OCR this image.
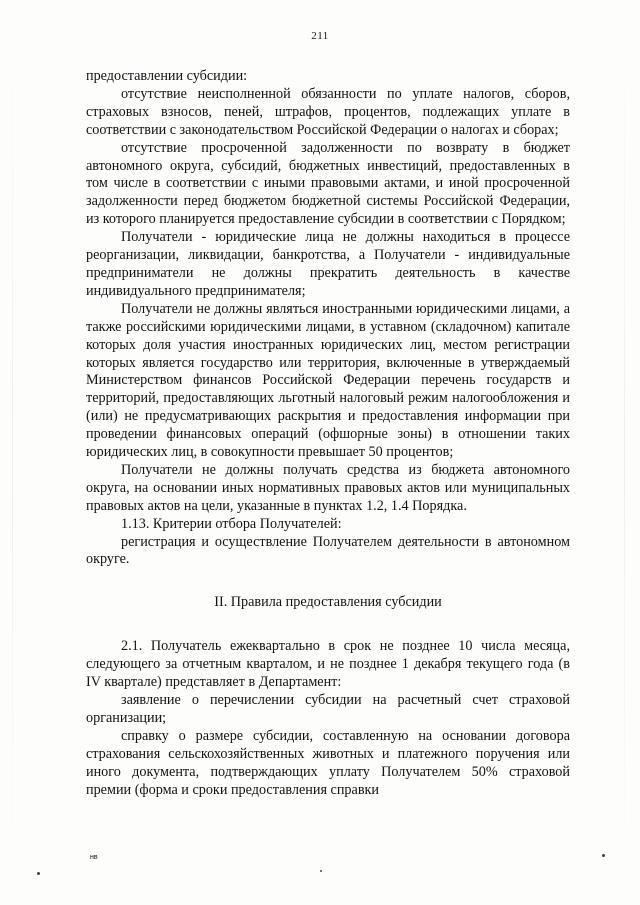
211

предоставлении субсидии:

отсутствие неисполненной обязанности по уплате налогов, сборов, страховых взносов, пеней, штрафов, процентов, подлежащих уплате в соответствии с законодательством Российской Федерации о налогах и сборах;

отсутствие просроченной задолженности по возврату в бюджет автономного округа, субсидий, бюджетных инвестиций, предоставленных в том числе в соответствии с иными правовыми актами, и иной просроченной задолженности перед бюджетом бюджетной системы Российской Федерации, из которого планируется предоставление субсидии в соответствии с Порядком;

Получатели - юридические лица не должны находиться в процессе реорганизации, ликвидации, банкротства, а Получатели - индивидуальные предприниматели не должны прекратить деятельность в качестве индивидуального предпринимателя;

Получатели не должны являться иностранными юридическими лицами, а также российскими юридическими лицами, в уставном (складочном) капитале которых доля участия иностранных юридических лиц, местом регистрации которых является государство или территория, включенные в утверждаемый Министерством финансов Российской Федерации перечень государств и территорий, предоставляющих льготный налоговый режим налогообложения и (или) не предусматривающих раскрытия и предоставления информации при проведении финансовых операций (офшорные зоны) в отношении таких юридических лиц, в совокупности превышает 50 процентов;

Получатели не должны получать средства из бюджета автономного округа, на основании иных нормативных правовых актов или муниципальных правовых актов на цели, указанные в пунктах 1.2, 1.4 Порядка.

1.13. Критерии отбора Получателей:

регистрация и осуществление Получателем деятельности в автономном округе.

II. Правила предоставления субсидии

2.1. Получатель ежеквартально в срок не позднее 10 числа месяца, следующего за отчетным кварталом, и не позднее 1 декабря текущего года (в IV квартале) представляет в Департамент:

заявление о перечислении субсидии на расчетный счет страховой организации;

справку о размере субсидии, составленную на основании договора страхования сельскохозяйственных животных и платежного поручения или иного документа, подтверждающих уплату Получателем 50% страховой премии (форма и сроки предоставления справки

нв
